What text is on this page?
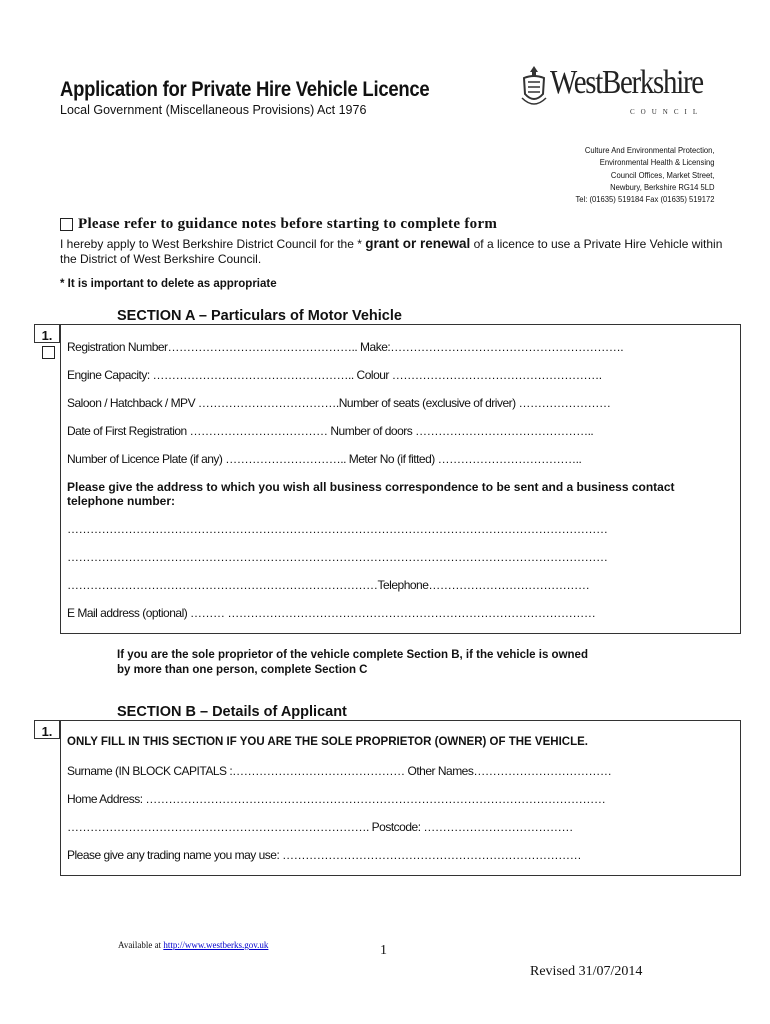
Application for Private Hire Vehicle Licence
Local Government (Miscellaneous Provisions) Act 1976
WestBerkshire
COUNCIL
Culture And Environmental Protection,
Environmental Health & Licensing
Council Offices, Market Street,
Newbury, Berkshire RG14 5LD
Tel: (01635) 519184 Fax (01635) 519172
Please refer to guidance notes before starting to complete form
I hereby apply to West Berkshire District Council for the * grant or renewal of a licence to use a Private Hire Vehicle within the District of West Berkshire Council.
* It is important to delete as appropriate
SECTION A – Particulars of Motor Vehicle
1.
Registration Number………………………………………….. Make:…………………………………………………….
Engine Capacity: …………………………………………….. Colour ……………………………………………….
Saloon / Hatchback / MPV ……………………………….Number of seats (exclusive of driver) ……………………
Date of First Registration ……………………………… Number of doors ………………………………………..
Number of Licence Plate (if any) ………………………….. Meter No (if fitted) ………………………………..
Please give the address to which you wish all business correspondence to be sent and a business contact
telephone number:
……………………………………………………………………………………………………………………………
……………………………………………………………………………………………………………………………
………………………………………………………………………Telephone……………………………………
E Mail address (optional) ……… ……………………………………………………………………………………
If you are the sole proprietor of the vehicle complete Section B, if the vehicle is owned
by more than one person, complete Section C
SECTION B – Details of Applicant
1.
ONLY FILL IN THIS SECTION IF YOU ARE THE SOLE PROPRIETOR (OWNER) OF THE VEHICLE.
Surname (IN BLOCK CAPITALS :……………………………………… Other Names………………………………
Home Address: …………………………………………………………………………………………………………
……………………………………………………………………. Postcode: …………………………………
Please give any trading name you may use: ……………………………………………………………………
Available at http://www.westberks.gov.uk	1
Revised 31/07/2014
